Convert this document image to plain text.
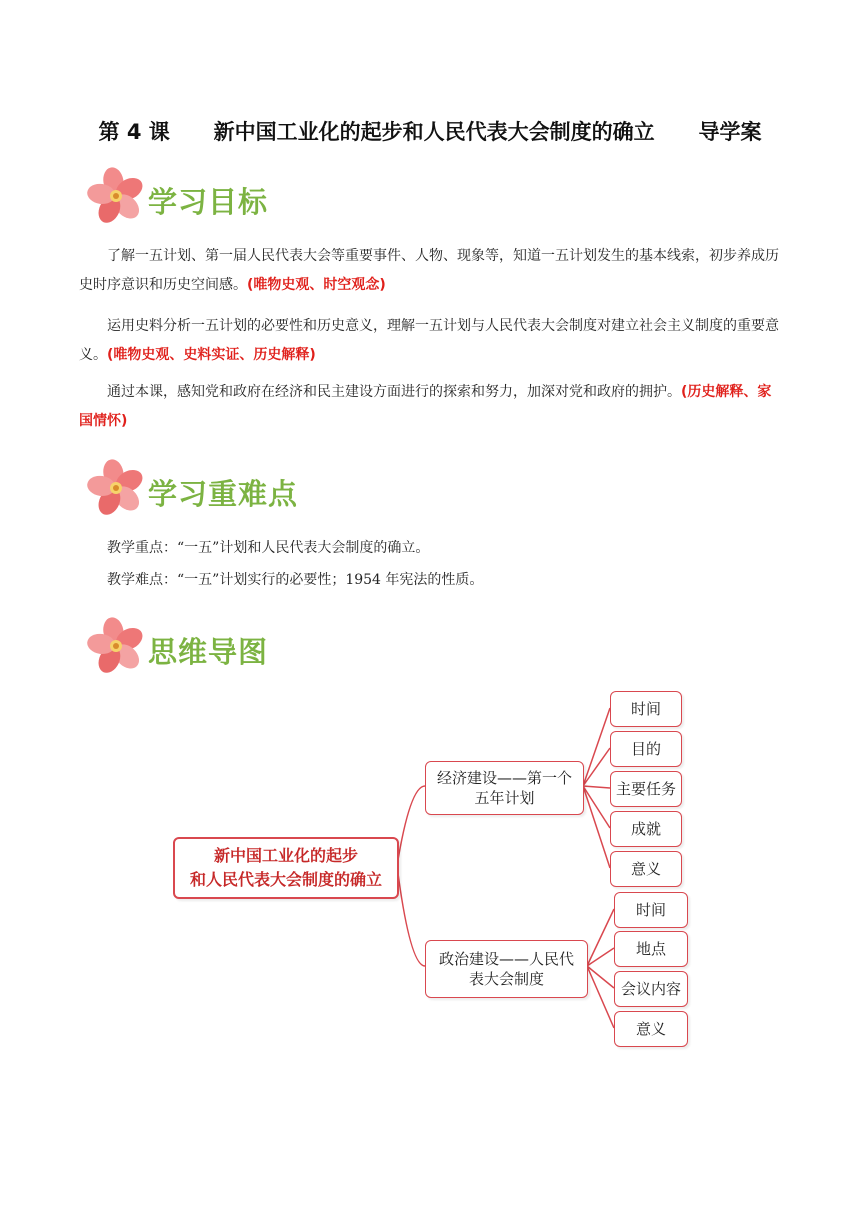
第 4 课      新中国工业化的起步和人民代表大会制度的确立      导学案
学习目标

了解一五计划、第一届人民代表大会等重要事件、人物、现象等，知道一五计划发生的基本线索，初步养成历史时序意识和历史空间感。(唯物史观、时空观念)

运用史料分析一五计划的必要性和历史意义，理解一五计划与人民代表大会制度对建立社会主义制度的重要意义。(唯物史观、史料实证、历史解释)

通过本课，感知党和政府在经济和民主建设方面进行的探索和努力，加深对党和政府的拥护。(历史解释、家国情怀)

学习重难点

教学重点：“一五”计划和人民代表大会制度的确立。

教学难点：“一五”计划实行的必要性；1954 年宪法的性质。

思维导图
新中国工业化的起步
和人民代表大会制度的确立
经济建设——第一个
五年计划
时间
目的
主要任务
成就
意义
政治建设——人民代
表大会制度
时间
地点
会议内容
意义
